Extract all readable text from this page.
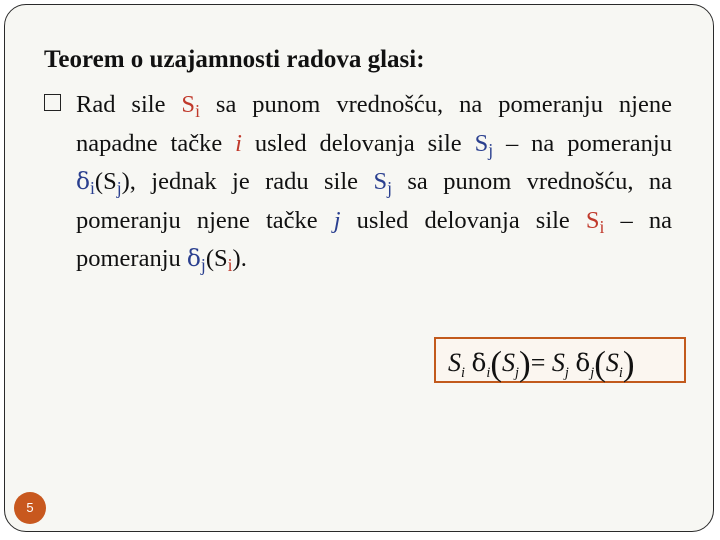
Teorem o uzajamnosti radova glasi:
Rad sile $S_i$ sa punom vrednošću, na pomeranju njene napadne tačke i usled delovanja sile $S_j$ – na pomeranju $\delta_i(S_j)$, jednak je radu sile $S_j$ sa punom vrednošću, na pomeranju njene tačke j usled delovanja sile $S_i$ – na pomeranju $\delta_j(S_i)$.
$S_i$ $\delta_i(S_j)= S_j$ $\delta_j(S_i)$
5
